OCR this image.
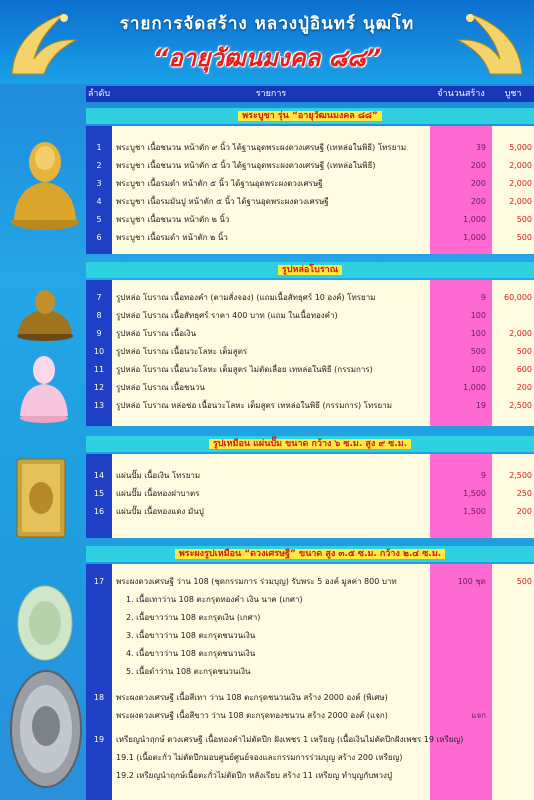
รายการจัดสร้าง หลวงปู่อินทร์ นุฒโท
“อายุวัฒนมงคล ๘๘”
ลำดับ	รายการ	จำนวนสร้าง	บูชา
พระบูชา รุ่น “อายุวัฒนมงคล ๘๘”
1	พระบูชา เนื้อชนวน หน้าตัก ๙ นิ้ว ได้ฐานอุดพระผงดวงเศรษฐี (เทหล่อในพิธี) โทรยาม	39	5,000
2	พระบูชา เนื้อชนวน หน้าตัก ๕ นิ้ว ได้ฐานอุดพระผงดวงเศรษฐี (เทหล่อในพิธี)	200	2,000
3	พระบูชา เนื้อรมดำ หน้าตัก ๕ นิ้ว ได้ฐานอุดพระผงดวงเศรษฐี	200	2,000
4	พระบูชา เนื้อรมมันปู หน้าตัก ๕ นิ้ว ได้ฐานอุดพระผงดวงเศรษฐี	200	2,000
5	พระบูชา เนื้อชนวน หน้าตัก ๒ นิ้ว	1,000	500
6	พระบูชา เนื้อรมดำ หน้าตัก ๒ นิ้ว	1,000	500
รูปหล่อโบราณ
7	รูปหล่อ โบราณ เนื้อทองคำ (ตามสั่งจอง) (แถมเนื้อสัทธุศร์ 10 องค์) โทรยาม	9	60,000
8	รูปหล่อ โบราณ เนื้อสัทธุศร์ ราคา 400 บาท (แถม ในเนื้อทองคำ)	100
9	รูปหล่อ โบราณ เนื้อเงิน	100	2,000
10	รูปหล่อ โบราณ เนื้อนวะโลหะ เต็มสูตร	500	500
11	รูปหล่อ โบราณ เนื้อนวะโลหะ เต็มสูตร ไม่ตัดเลื่อย เทหล่อในพิธี (กรรมการ)	100	600
12	รูปหล่อ โบราณ เนื้อชนวน	1,000	200
13	รูปหล่อ โบราณ หล่อช่อ เนื้อนวะโลหะ เต็มสูตร เทหล่อในพิธี (กรรมการ) โทรยาม	19	2,500
รูปเหมือน แผ่นปั๊ม ขนาด กว้าง ๖ ซ.ม. สูง ๙ ซ.ม.
14	แผ่นปั๊ม เนื้อเงิน โทรยาม	9	2,500
15	แผ่นปั๊ม เนื้อทองฝาบาตร	1,500	250
16	แผ่นปั๊ม เนื้อทองแดง มันปู	1,500	200
พระผงรูปเหมือน “ดวงเศรษฐี” ขนาด สูง ๓.๕ ซ.ม. กว้าง ๒.๔ ซ.ม.
17	พระผงดวงเศรษฐี ว่าน 108 (ชุดกรรมการ ร่วมบุญ) รับพระ 5 องค์ มูลค่า 800 บาท	100 ชุด	500
1. เนื้อเทาว่าน 108 ตะกรุดทองคำ เงิน นาค (เกศา)
2. เนื้อขาวว่าน 108 ตะกรุดเงิน (เกศา)
3. เนื้อขาวว่าน 108 ตะกรุดชนวนเงิน
4. เนื้อขาวว่าน 108 ตะกรุดชนวนเงิน
5. เนื้อดำว่าน 108 ตะกรุดชนวนเงิน
18	พระผงดวงเศรษฐี เนื้อสีเทา ว่าน 108 ตะกรุดชนวนเงิน สร้าง 2000 องค์ (พิเศษ)
พระผงดวงเศรษฐี เนื้อสีขาว ว่าน 108 ตะกรุดทองชนวน สร้าง 2000 องค์ (แจก)	แจก
19	เหรียญนำฤกษ์ ดวงเศรษฐี เนื้อทองคำไม่ตัดปีก ฝังเพชร 1 เหรียญ (เนื้อเงินไม่ตัดปีกฝังเพชร 19 เหรียญ)
19.1 (เนื้อตะกั่ว ไม่ตัดปีกมอบศูนย์ศูนย์จองและกรรมการร่วมบุญ สร้าง 200 เหรียญ)
19.2 เหรียญนำฤกษ์เนื้อตะกั่วไม่ตัดปีก หลังเรียบ สร้าง 11 เหรียญ ทำบุญกับพวงปู่
